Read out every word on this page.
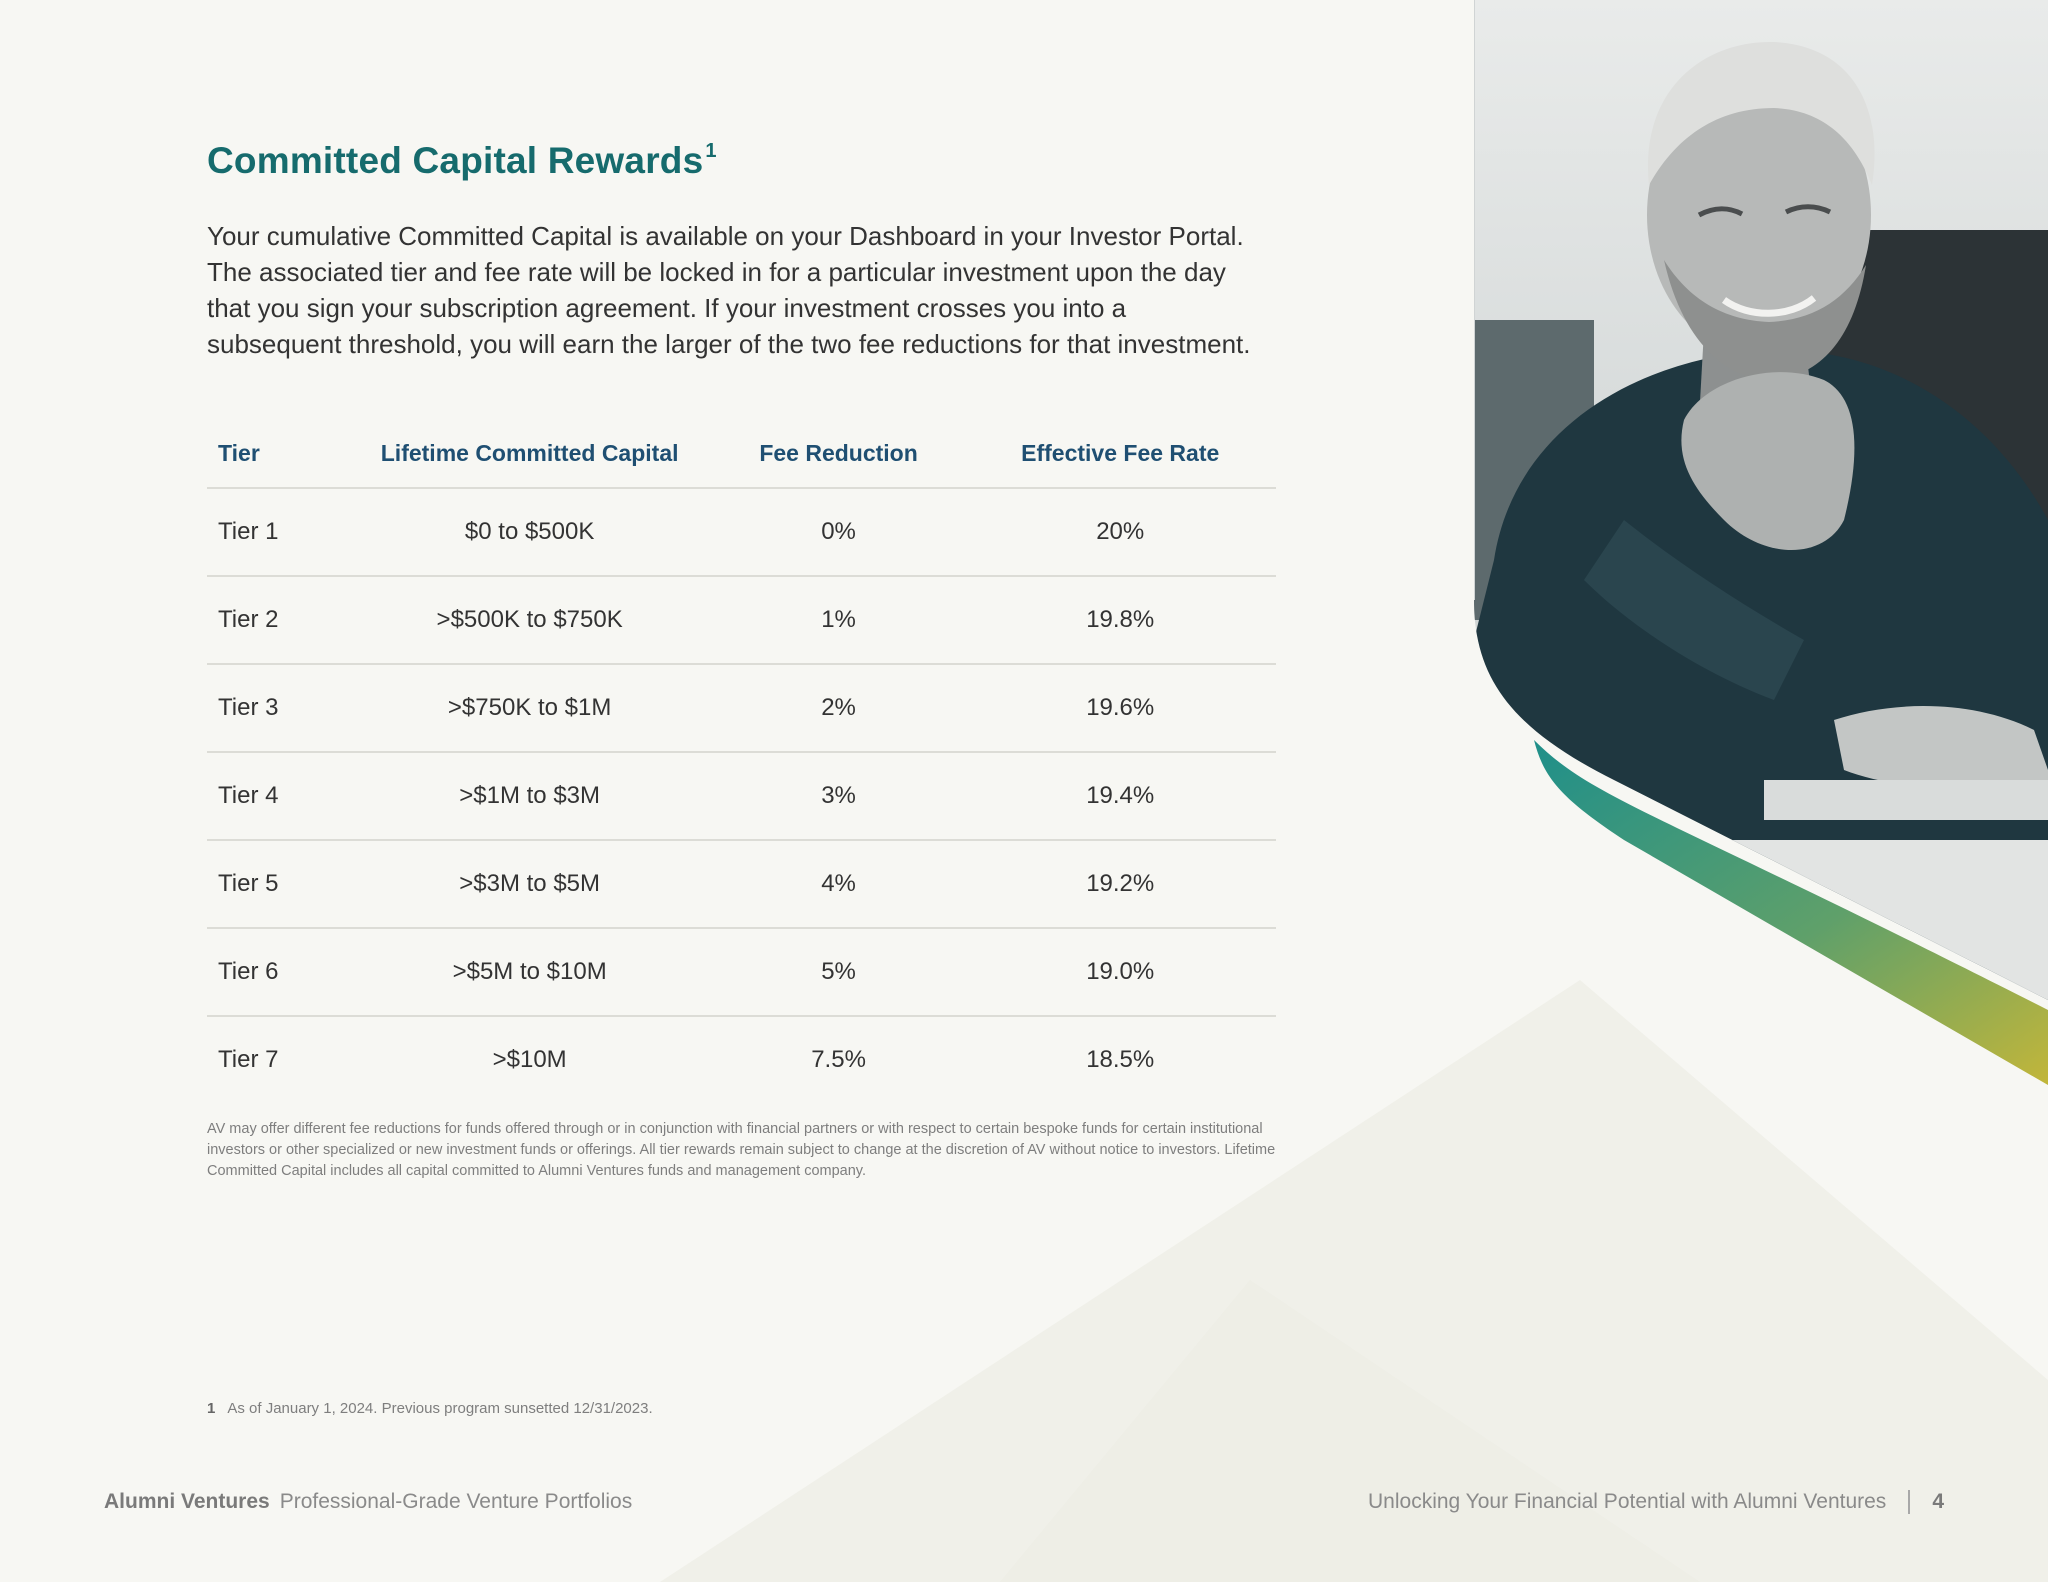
Committed Capital Rewards $^1$

Your cumulative Committed Capital is available on your Dashboard in your Investor Portal. The associated tier and fee rate will be locked in for a particular investment upon the day that you sign your subscription agreement. If your investment crosses you into a subsequent threshold, you will earn the larger of the two fee reductions for that investment.

Tier	Lifetime Committed Capital	Fee Reduction	Effective Fee Rate
Tier 1	$0 to $500K	0%	20%
Tier 2	>$500K to $750K	1%	19.8%
Tier 3	>$750K to $1M	2%	19.6%
Tier 4	>$1M to $3M	3%	19.4%
Tier 5	>$3M to $5M	4%	19.2%
Tier 6	>$5M to $10M	5%	19.0%
Tier 7	>$10M	7.5%	18.5%

AV may offer different fee reductions for funds offered through or in conjunction with financial partners or with respect to certain bespoke funds for certain institutional investors or other specialized or new investment funds or offerings. All tier rewards remain subject to change at the discretion of AV without notice to investors. Lifetime Committed Capital includes all capital committed to Alumni Ventures funds and management company.

1 As of January 1, 2024. Previous program sunsetted 12/31/2023.
Alumni Ventures Professional-Grade Venture Portfolios	Unlocking Your Financial Potential with Alumni Ventures 4
